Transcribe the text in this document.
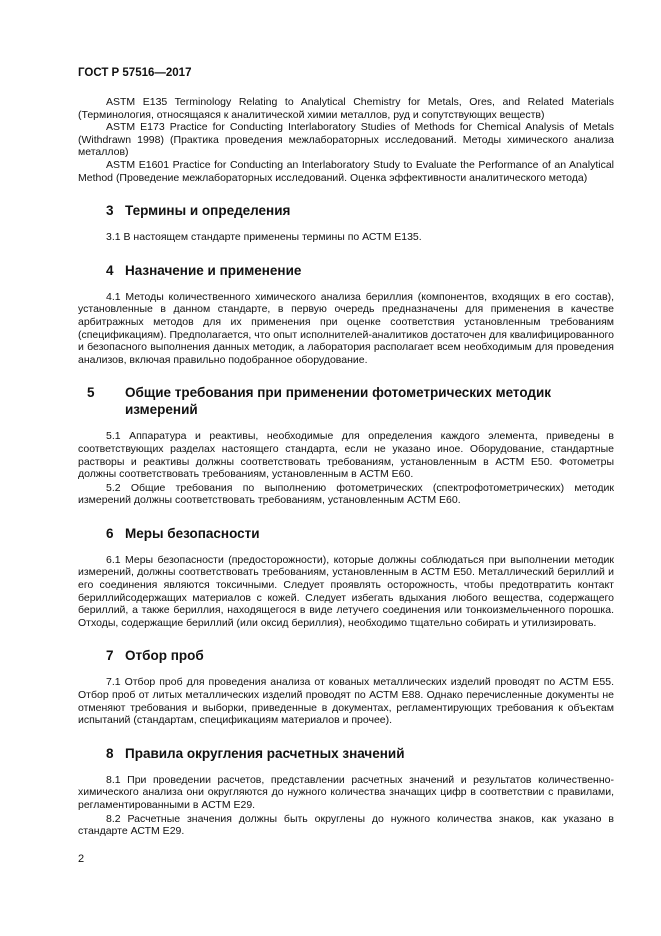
ГОСТ Р 57516—2017

ASTM E135 Terminology Relating to Analytical Chemistry for Metals, Ores, and Related Materials (Терминология, относящаяся к аналитической химии металлов, руд и сопутствующих веществ)

ASTM E173 Practice for Conducting Interlaboratory Studies of Methods for Chemical Analysis of Metals (Withdrawn 1998) (Практика проведения межлабораторных исследований. Методы химического анализа металлов)

ASTM E1601 Practice for Conducting an Interlaboratory Study to Evaluate the Performance of an Analytical Method (Проведение межлабораторных исследований. Оценка эффективности аналитического метода)

3 Термины и определения

3.1 В настоящем стандарте применены термины по АСТМ Е135.

4 Назначение и применение

4.1 Методы количественного химического анализа бериллия (компонентов, входящих в его состав), установленные в данном стандарте, в первую очередь предназначены для применения в качестве арбитражных методов для их применения при оценке соответствия установленным требованиям (спецификациям). Предполагается, что опыт исполнителей-аналитиков достаточен для квалифицированного и безопасного выполнения данных методик, а лаборатория располагает всем необходимым для проведения анализов, включая правильно подобранное оборудование.

5 Общие требования при применении фотометрических методик измерений

5.1 Аппаратура и реактивы, необходимые для определения каждого элемента, приведены в соответствующих разделах настоящего стандарта, если не указано иное. Оборудование, стандартные растворы и реактивы должны соответствовать требованиям, установленным в АСТМ Е50. Фотометры должны соответствовать требованиям, установленным в АСТМ Е60.

5.2 Общие требования по выполнению фотометрических (спектрофотометрических) методик измерений должны соответствовать требованиям, установленным АСТМ Е60.

6 Меры безопасности

6.1 Меры безопасности (предосторожности), которые должны соблюдаться при выполнении методик измерений, должны соответствовать требованиям, установленным в АСТМ Е50. Металлический бериллий и его соединения являются токсичными. Следует проявлять осторожность, чтобы предотвратить контакт бериллийсодержащих материалов с кожей. Следует избегать вдыхания любого вещества, содержащего бериллий, а также бериллия, находящегося в виде летучего соединения или тонкоизмельченного порошка. Отходы, содержащие бериллий (или оксид бериллия), необходимо тщательно собирать и утилизировать.

7 Отбор проб

7.1 Отбор проб для проведения анализа от кованых металлических изделий проводят по АСТМ Е55. Отбор проб от литых металлических изделий проводят по АСТМ Е88. Однако перечисленные документы не отменяют требования и выборки, приведенные в документах, регламентирующих требования к объектам испытаний (стандартам, спецификациям материалов и прочее).

8 Правила округления расчетных значений

8.1 При проведении расчетов, представлении расчетных значений и результатов количественно-химического анализа они округляются до нужного количества значащих цифр в соответствии с правилами, регламентированными в АСТМ Е29.

8.2 Расчетные значения должны быть округлены до нужного количества знаков, как указано в стандарте АСТМ Е29.

2
